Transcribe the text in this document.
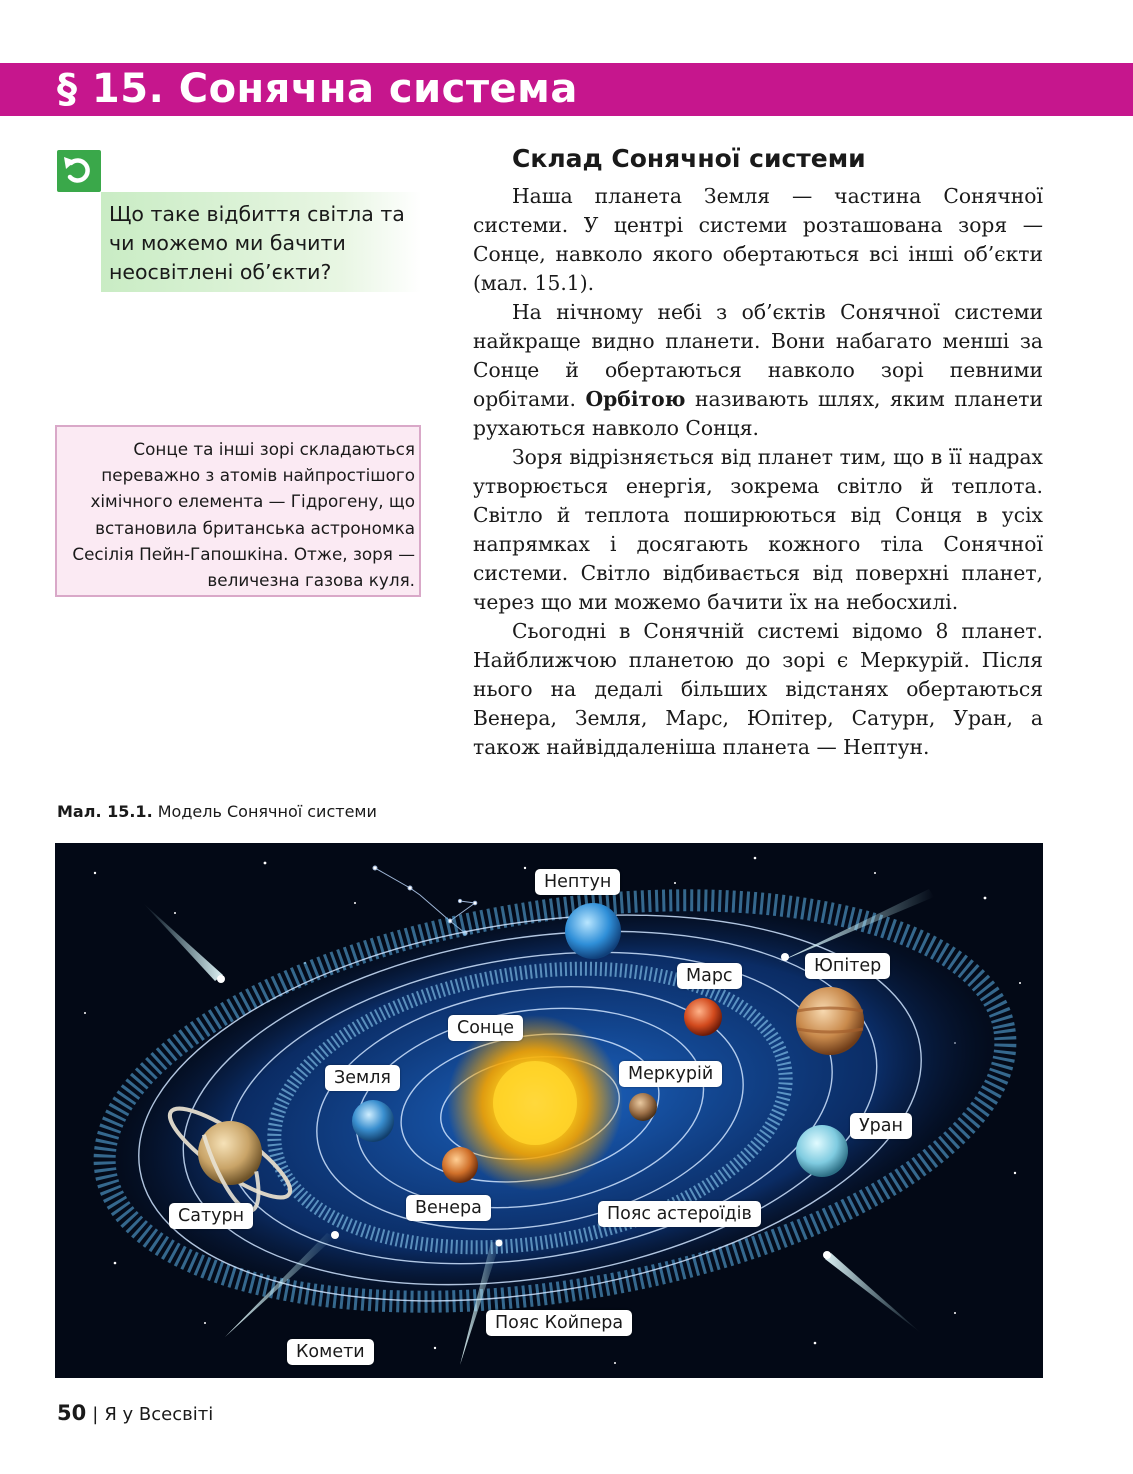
§ 15. Сонячна система
Що таке відбиття світла та чи можемо ми бачити неосвітлені об’єкти?
Сонце та інші зорі складаються переважно з атомів найпростішого хімічного елемента — Гідрогену, що встановила британська астрономка Сесілія Пейн-Гапошкіна. Отже, зоря — величезна газова куля.
Мал. 15.1. Модель Сонячної системи
Склад Сонячної системи

Наша планета Земля — частина Сонячної системи. У центрі системи розташована зоря — Сонце, навколо якого обертаються всі інші об’єкти (мал. 15.1).

На нічному небі з об’єктів Сонячної системи найкраще видно планети. Вони набагато менші за Сонце й обертаються навколо зорі певними орбітами. Орбітою називають шлях, яким планети рухаються навколо Сонця.

Зоря відрізняється від планет тим, що в її надрах утворюється енергія, зокрема світло й теплота. Світло й теплота поширюються від Сонця в усіх напрямках і досягають кожного тіла Сонячної системи. Світло відбивається від поверхні планет, через що ми можемо бачити їх на небосхилі.

Сьогодні в Сонячній системі відомо 8 планет. Найближчою планетою до зорі є Меркурій. Після нього на дедалі більших відстанях обертаються Венера, Земля, Марс, Юпітер, Сатурн, Уран, а також найвіддаленіша планета — Нептун.

Нептун
Марс	Юпітер
Сонце
Меркурій
Земля
Уран
Сатурн	Венера	Пояс астероїдів
Пояс Койпера
Комети
50 | Я у Всесвіті
